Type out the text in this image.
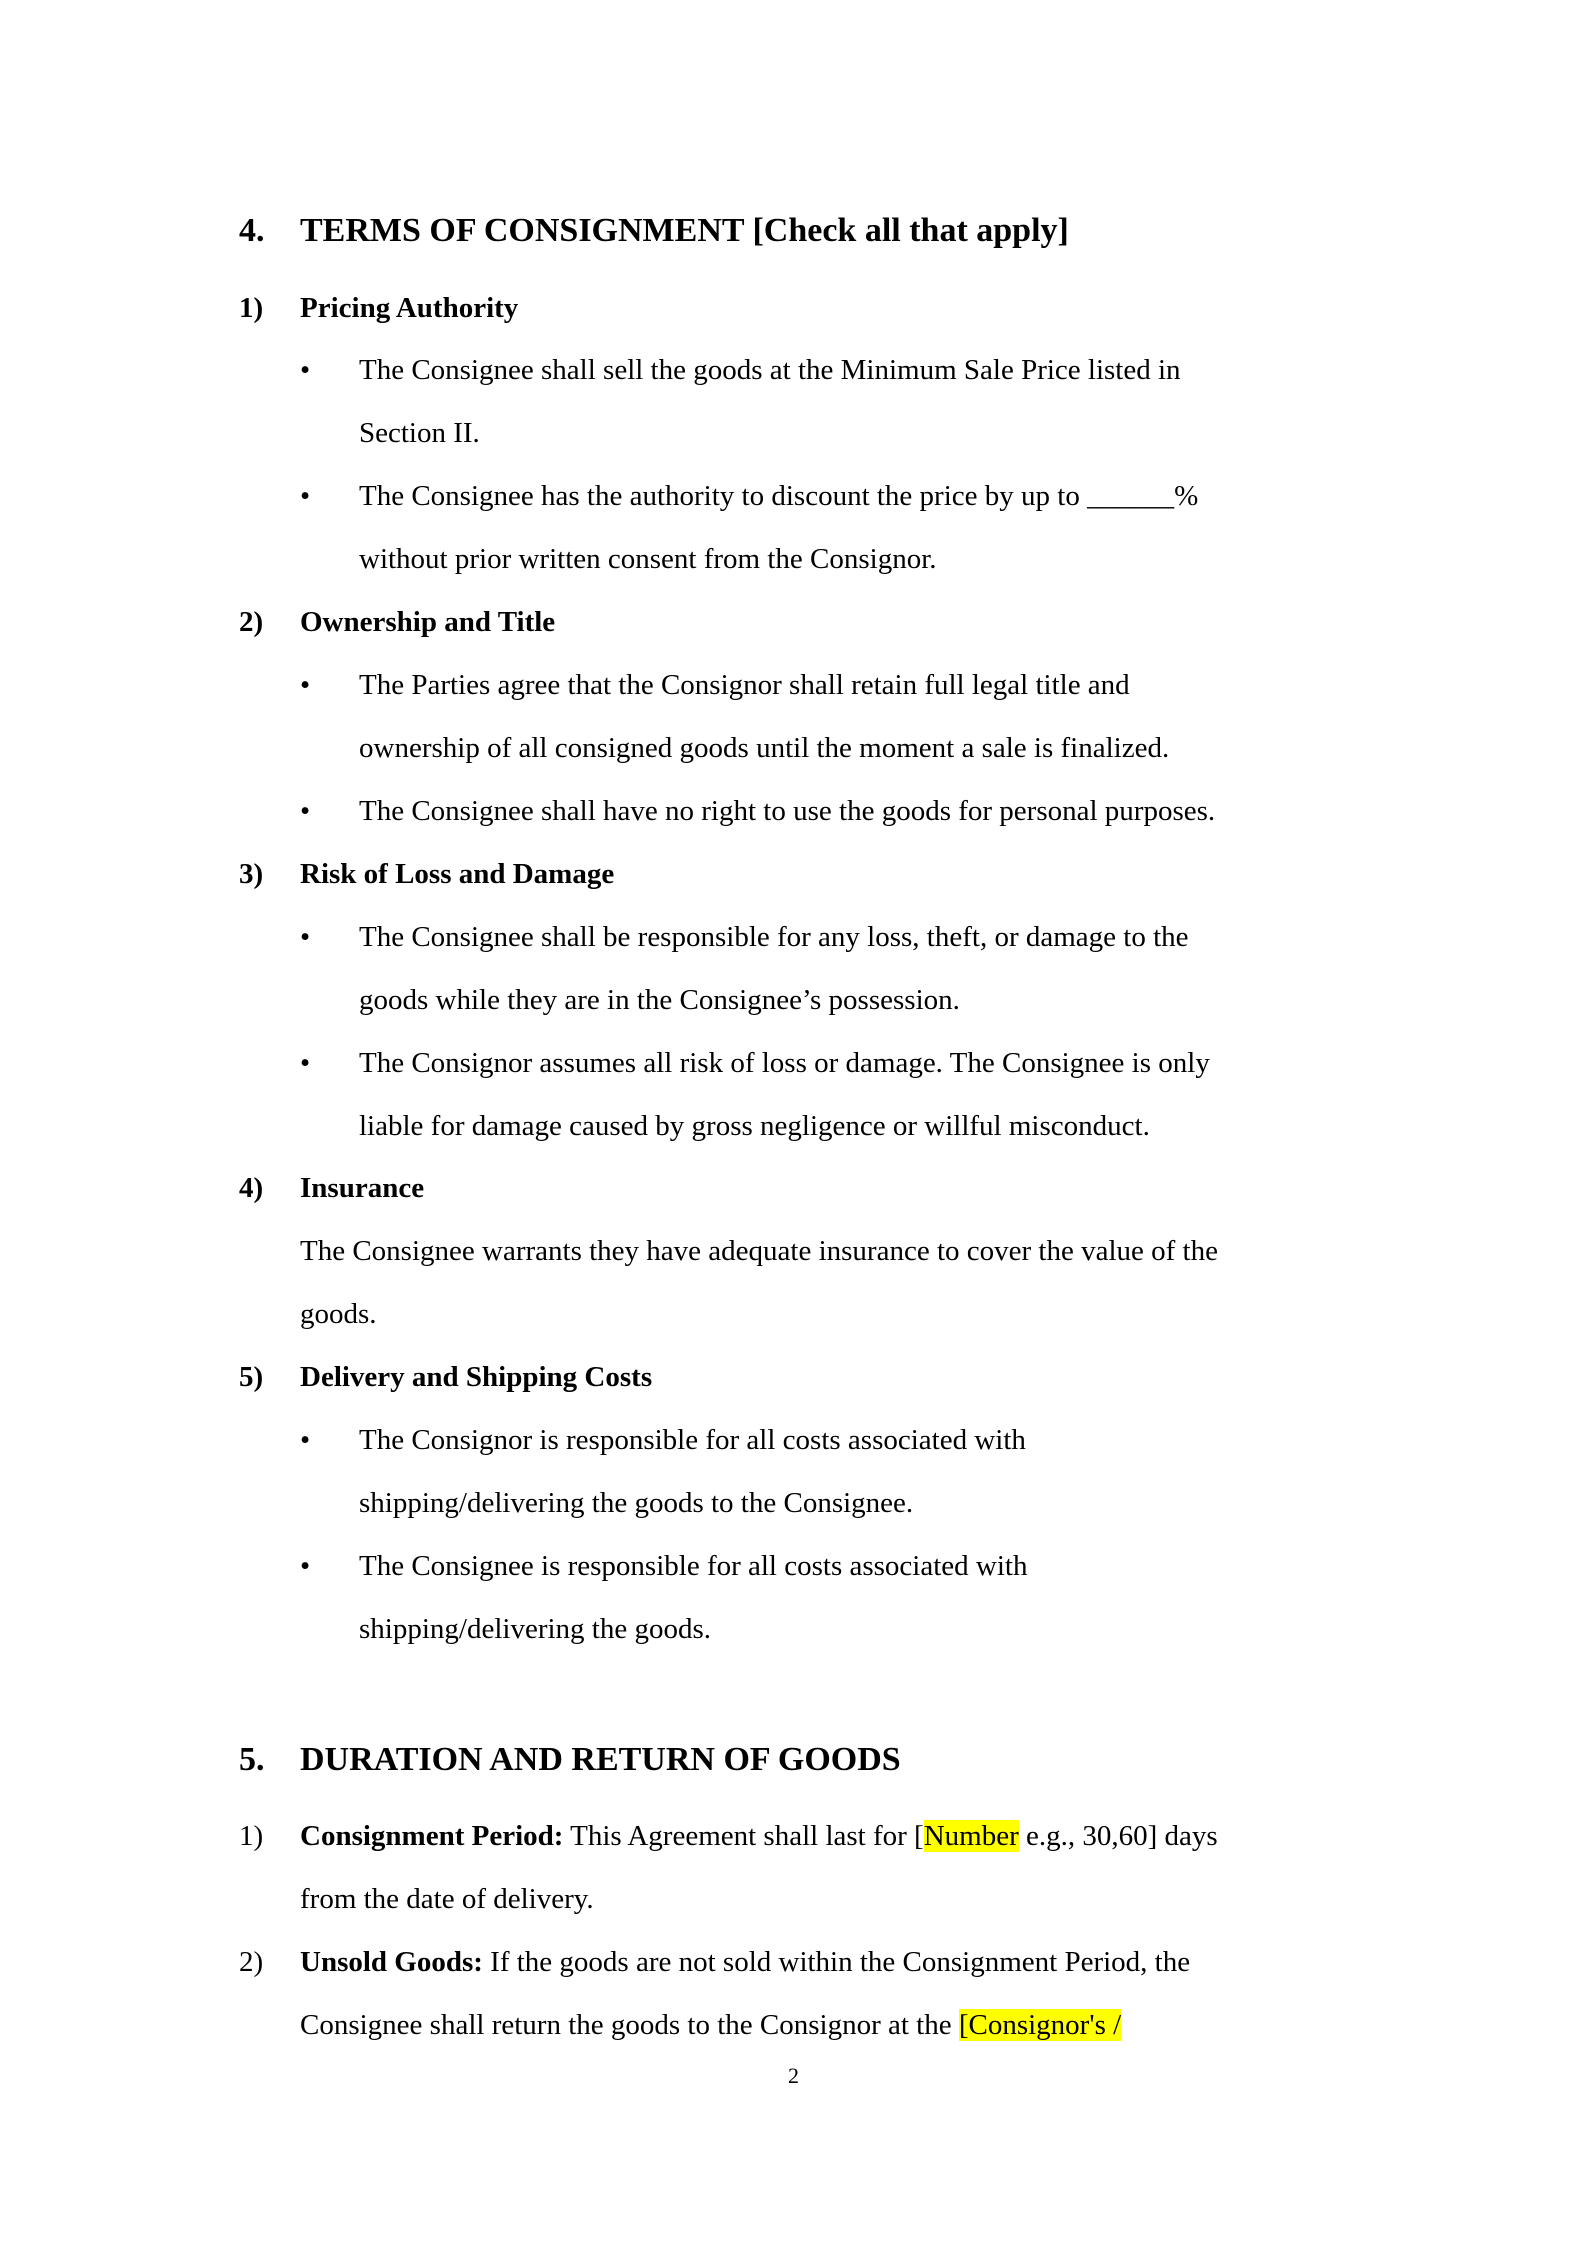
4. TERMS OF CONSIGNMENT [Check all that apply]
1) Pricing Authority
• The Consignee shall sell the goods at the Minimum Sale Price listed in
Section II.
• The Consignee has the authority to discount the price by up to ______%
without prior written consent from the Consignor.
2) Ownership and Title
• The Parties agree that the Consignor shall retain full legal title and
ownership of all consigned goods until the moment a sale is finalized.
• The Consignee shall have no right to use the goods for personal purposes.
3) Risk of Loss and Damage
• The Consignee shall be responsible for any loss, theft, or damage to the
goods while they are in the Consignee’s possession.
• The Consignor assumes all risk of loss or damage. The Consignee is only
liable for damage caused by gross negligence or willful misconduct.
4) Insurance
The Consignee warrants they have adequate insurance to cover the value of the
goods.
5) Delivery and Shipping Costs
• The Consignor is responsible for all costs associated with
shipping/delivering the goods to the Consignee.
• The Consignee is responsible for all costs associated with
shipping/delivering the goods.
5. DURATION AND RETURN OF GOODS
1) Consignment Period: This Agreement shall last for [Number e.g., 30,60] days
from the date of delivery.
2) Unsold Goods: If the goods are not sold within the Consignment Period, the
Consignee shall return the goods to the Consignor at the [Consignor's /
2
